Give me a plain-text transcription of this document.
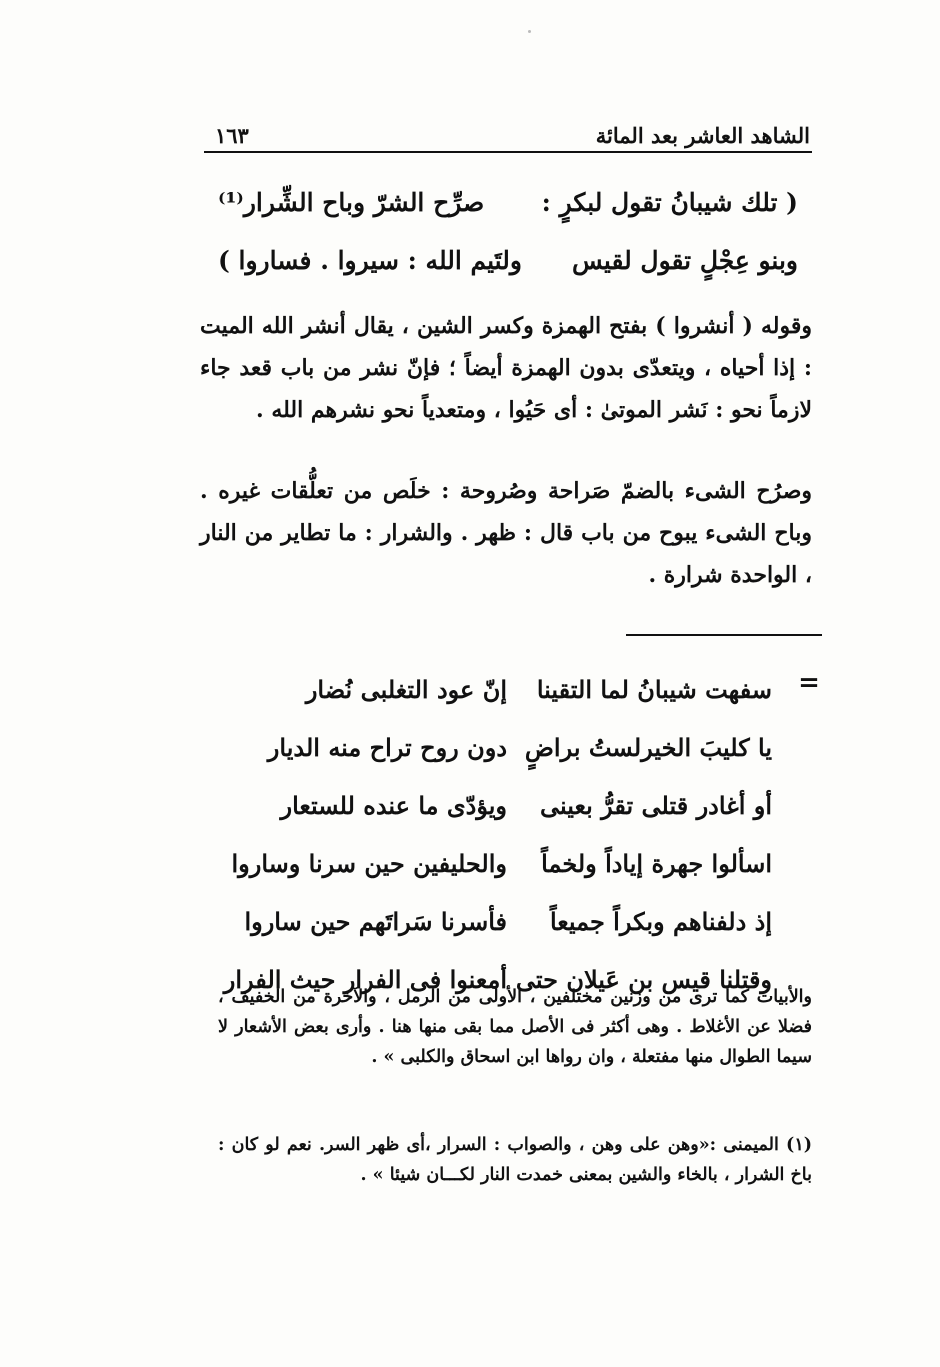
الشاهد العاشر بعد المائة
١٦٣
( تلك شيبانُ تقول لبكرٍ :
صرِّح الشرّ وباح الشِّرار⁽¹⁾
وبنو عِجْلٍ تقول لقيس
ولتَيم الله : سيروا . فساروا )
وقوله ( أنشروا ) بفتح الهمزة وكسر الشين ، يقال أنشر الله الميت : إذا أحياه ، ويتعدّى بدون الهمزة أيضاً ؛ فإنّ نشر من باب قعد جاء لازماً نحو : نَشر الموتىٰ : أى حَيُوا ، ومتعدياً نحو نشرهم الله .
وصرُح الشىء بالضمّ صَراحة وصُروحة : خلَص من تعلُّقات غيره . وباح الشىء يبوح من باب قال : ظهر . والشرار : ما تطاير من النار ، الواحدة شرارة .
=
سفهت شيبانُ لما التقينا
إنّ عود التغلبى نُضار
يا كليبَ الخيرلستُ براضٍ
دون روح تراح منه الديار
أو أغادر قتلى تقرُّ بعينى
ويؤدّى ما عنده للستعار
اسألوا جهرة إياداً ولخماً
والحليفين حين سرنا وساروا
إذ دلفناهم وبكراً جميعاً
فأسرنا سَراتَهم حين ساروا
وقتلنا قيس بن عَيلان حتى
أمعنوا فى الفرار حيث الفرار
والأبيات كما ترى من وزنين مختلفين ، الأولى من الرمل ، والآخرة من الخفيف ، فضلا عن الأغلاط . وهى أكثر فى الأصل مما بقى منها هنا . وأرى بعض الأشعار لا سيما الطوال منها مفتعلة ، وان رواها ابن اسحاق والكلبى » .
(١) الميمنى :«وهن على وهن ، والصواب : السرار ،أى ظهر السر. نعم لو كان : باخ الشرار ، بالخاء والشين بمعنى خمدت النار لكـــان شيئا » .
